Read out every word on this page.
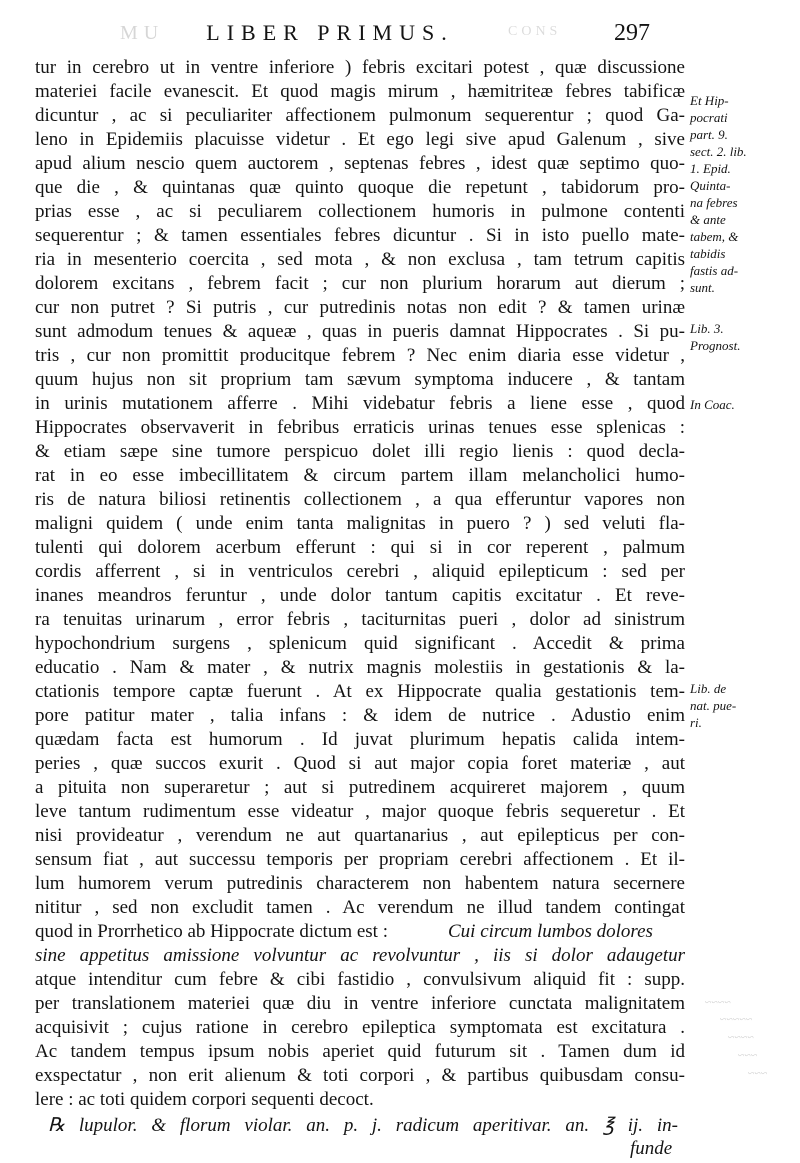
MU	LIBER PRIMUS.	CONS 297
tur in cerebro ut in ventre inferiore ) febris excitari potest , quæ discussione
materiei facile evanescit. Et quod magis mirum , hæmitriteæ febres tabificæ
dicuntur , ac si peculiariter affectionem pulmonum sequerentur ; quod Ga-
leno in Epidemiis placuisse videtur . Et ego legi sive apud Galenum , sive
apud alium nescio quem auctorem , septenas febres , idest quæ septimo quo-
que die , & quintanas quæ quinto quoque die repetunt , tabidorum pro-
prias esse , ac si peculiarem collectionem humoris in pulmone contenti
sequerentur ; & tamen essentiales febres dicuntur . Si in isto puello mate-
ria in mesenterio coercita , sed mota , & non exclusa , tam tetrum capitis
dolorem excitans , febrem facit ; cur non plurium horarum aut dierum ;
cur non putret ? Si putris , cur putredinis notas non edit ? & tamen urinæ
sunt admodum tenues & aqueæ , quas in pueris damnat Hippocrates . Si pu-
tris , cur non promittit producitque febrem ? Nec enim diaria esse videtur ,
quum hujus non sit proprium tam sævum symptoma inducere , & tantam
in urinis mutationem afferre . Mihi videbatur febris a liene esse , quod
Hippocrates observaverit in febribus erraticis urinas tenues esse splenicas :
& etiam sæpe sine tumore perspicuo dolet illi regio lienis : quod decla-
rat in eo esse imbecillitatem & circum partem illam melancholici humo-
ris de natura biliosi retinentis collectionem , a qua efferuntur vapores non
maligni quidem ( unde enim tanta malignitas in puero ? ) sed veluti fla-
tulenti qui dolorem acerbum efferunt : qui si in cor reperent , palmum
cordis afferrent , si in ventriculos cerebri , aliquid epilepticum : sed per
inanes meandros feruntur , unde dolor tantum capitis excitatur . Et reve-
ra tenuitas urinarum , error febris , taciturnitas pueri , dolor ad sinistrum
hypochondrium surgens , splenicum quid significant . Accedit & prima
educatio . Nam & mater , & nutrix magnis molestiis in gestationis & la-
ctationis tempore captæ fuerunt . At ex Hippocrate qualia gestationis tem-
pore patitur mater , talia infans : & idem de nutrice . Adustio enim
quædam facta est humorum . Id juvat plurimum hepatis calida intem-
peries , quæ succos exurit . Quod si aut major copia foret materiæ , aut
a pituita non superaretur ; aut si putredinem acquireret majorem , quum
leve tantum rudimentum esse videatur , major quoque febris sequeretur . Et
nisi provideatur , verendum ne aut quartanarius , aut epilepticus per con-
sensum fiat , aut successu temporis per propriam cerebri affectionem . Et il-
lum humorem verum putredinis characterem non habentem natura secernere
nititur , sed non excludit tamen . Ac verendum ne illud tandem contingat
quod in Prorrhetico ab Hippocrate dictum est :	Cui circum lumbos dolores
sine appetitus amissione volvuntur ac revolvuntur , iis si dolor adaugetur
atque intenditur cum febre & cibi fastidio , convulsivum aliquid fit : supp.
per translationem materiei quæ diu in ventre inferiore cunctata malignitatem
acquisivit ; cujus ratione in cerebro epileptica symptomata est excitatura .
Ac tandem tempus ipsum nobis aperiet quid futurum sit . Tamen dum id
exspectatur , non erit alienum & toti corpori , & partibus quibusdam consu-
lere : ac toti quidem corpori sequenti decoct.
℞ lupulor. & florum violar. an. p. j. radicum aperitivar. an. ℥ ij. in-
funde
Et Hip-
pocrati
part. 9.
sect. 2. lib.
1. Epid.
Quinta-
na febres
& ante
tabem, &
tabidis
fastis ad-
sunt.
Lib. 3.
Prognost.
In Coac.
Lib. de
nat. pue-
ri.
~~~~
~~~~~
~~~~
~~~
~~~
